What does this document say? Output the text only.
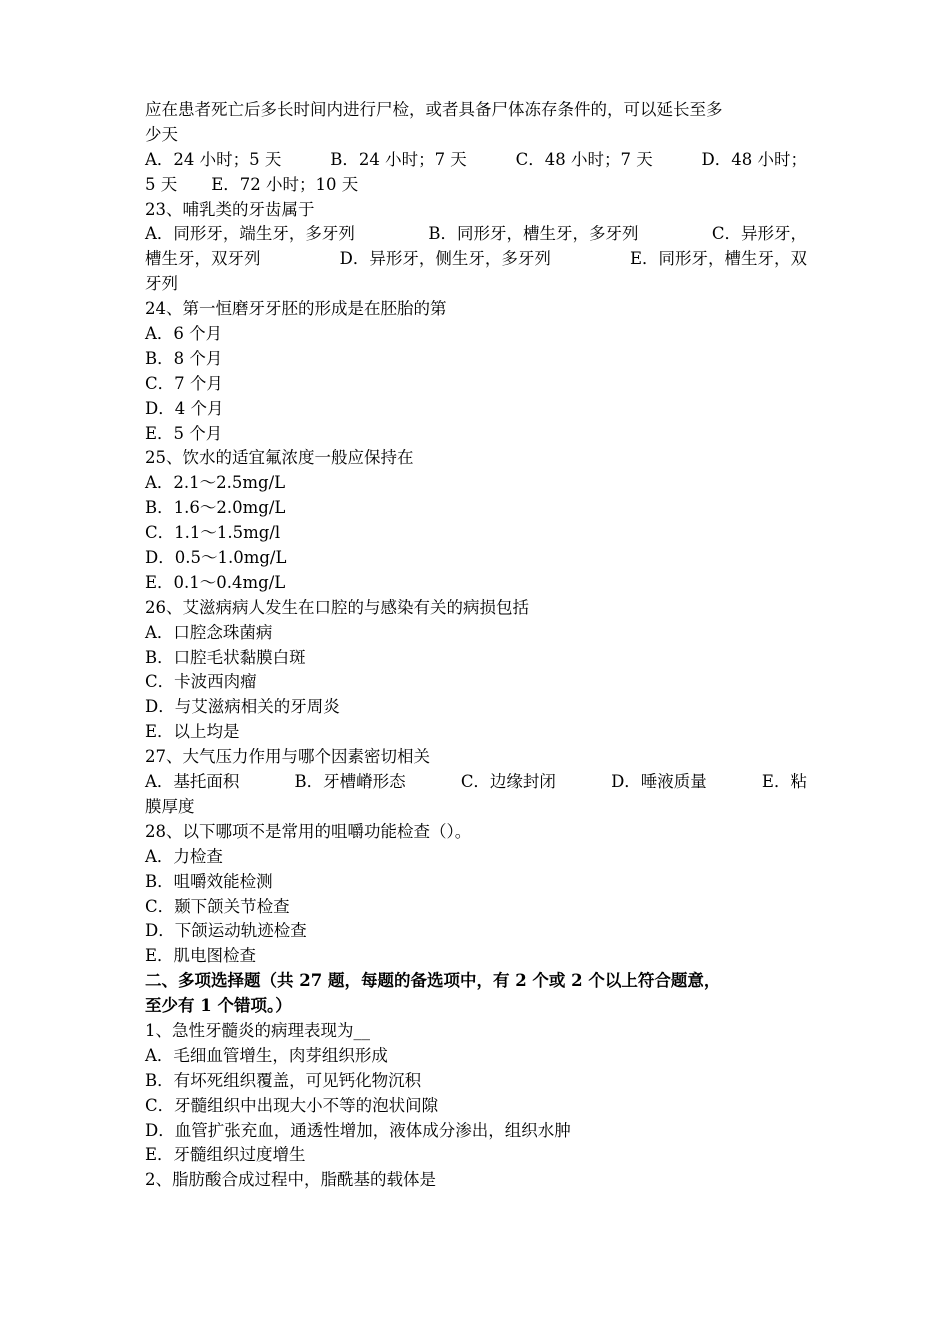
应在患者死亡后多长时间内进行尸检，或者具备尸体冻存条件的，可以延长至多
少天
A．24 小时；5 天	B．24 小时；7 天	C．48 小时；7 天	D．48 小时；
5 天 E．72 小时；10 天
23、哺乳类的牙齿属于
A．同形牙，端生牙，多牙列	B．同形牙，槽生牙，多牙列	C．异形牙，
槽生牙，双牙列	D．异形牙，侧生牙，多牙列	E．同形牙，槽生牙，双
牙列
24、第一恒磨牙牙胚的形成是在胚胎的第
A．6 个月
B．8 个月
C．7 个月
D．4 个月
E．5 个月
25、饮水的适宜氟浓度一般应保持在
A．2.1～2.5mg/L
B．1.6～2.0mg/L
C．1.1～1.5mg/l
D．0.5～1.0mg/L
E．0.1～0.4mg/L
26、艾滋病病人发生在口腔的与感染有关的病损包括
A．口腔念珠菌病
B．口腔毛状黏膜白斑
C．卡波西肉瘤
D．与艾滋病相关的牙周炎
E．以上均是
27、大气压力作用与哪个因素密切相关
A．基托面积	B．牙槽嵴形态	C．边缘封闭	D．唾液质量	E．粘
膜厚度
28、以下哪项不是常用的咀嚼功能检查（）。
A．力检查
B．咀嚼效能检测
C．颞下颌关节检查
D．下颌运动轨迹检查
E．肌电图检查
二、多项选择题（共 27 题，每题的备选项中，有 2 个或 2 个以上符合题意，
至少有 1 个错项。）
1、急性牙髓炎的病理表现为__
A．毛细血管增生，肉芽组织形成
B．有坏死组织覆盖，可见钙化物沉积
C．牙髓组织中出现大小不等的泡状间隙
D．血管扩张充血，通透性增加，液体成分渗出，组织水肿
E．牙髓组织过度增生
2、脂肪酸合成过程中，脂酰基的载体是
